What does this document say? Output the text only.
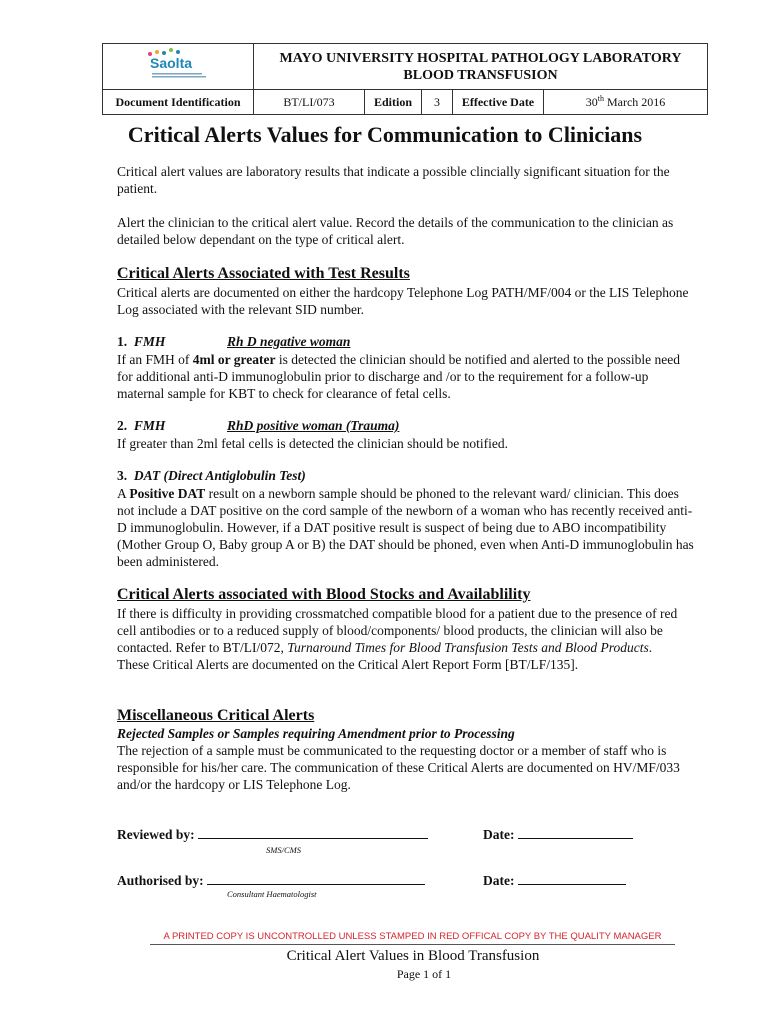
Saolta	MAYO UNIVERSITY HOSPITAL PATHOLOGY LABORATORY
BLOOD TRANSFUSION				

Document Identification	BT/LI/073	Edition	3	Effective Date	30th March 2016
Critical Alerts Values for Communication to Clinicians

Critical alert values are laboratory results that indicate a possible clincially significant situation for the patient.

Alert the clinician to the critical alert value. Record the details of the communication to the clinician as detailed below dependant on the type of critical alert.

Critical Alerts Associated with Test Results

Critical alerts are documented on either the hardcopy Telephone Log PATH/MF/004 or the LIS Telephone Log associated with the relevant SID number.

1. FMH	Rh D negative woman

If an FMH of 4ml or greater is detected the clinician should be notified and alerted to the possible need for additional anti-D immunoglobulin prior to discharge and /or to the requirement for a follow-up maternal sample for KBT to check for clearance of fetal cells.

2. FMH	RhD positive woman (Trauma)

If greater than 2ml fetal cells is detected the clinician should be notified.

3. DAT (Direct Antiglobulin Test)

A Positive DAT result on a newborn sample should be phoned to the relevant ward/ clinician. This does not include a DAT positive on the cord sample of the newborn of a woman who has recently received anti-D immunoglobulin. However, if a DAT positive result is suspect of being due to ABO incompatibility (Mother Group O, Baby group A or B) the DAT should be phoned, even when Anti-D immunoglobulin has been administered.

Critical Alerts associated with Blood Stocks and Availablility

If there is difficulty in providing crossmatched compatible blood for a patient due to the presence of red cell antibodies or to a reduced supply of blood/components/ blood products, the clinician will also be contacted. Refer to BT/LI/072, Turnaround Times for Blood Transfusion Tests and Blood Products.
These Critical Alerts are documented on the Critical Alert Report Form [BT/LF/135].

Miscellaneous Critical Alerts

Rejected Samples or Samples requiring Amendment prior to Processing

The rejection of a sample must be communicated to the requesting doctor or a member of staff who is responsible for his/her care. The communication of these Critical Alerts are documented on HV/MF/033 and/or the hardcopy or LIS Telephone Log.

Reviewed by:
SMS/CMS
Date:
Authorised by:
Consultant Haematologist
Date:
A PRINTED COPY IS UNCONTROLLED UNLESS STAMPED IN RED OFFICAL COPY BY THE QUALITY MANAGER
Critical Alert Values in Blood Transfusion
Page 1 of 1
